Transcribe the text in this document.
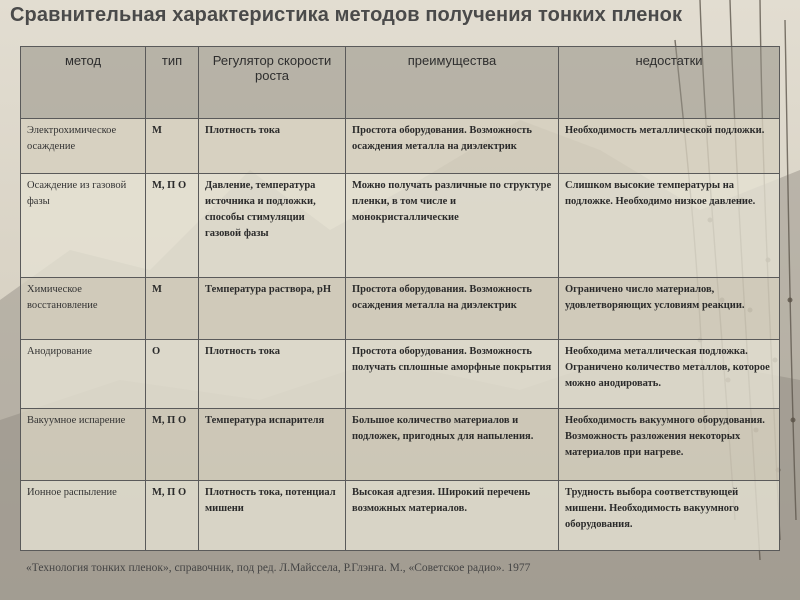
Сравнительная характеристика методов получения тонких пленок
метод	тип	Регулятор скорости роста	преимущества	недостатки
Электрохимическое осаждение	М	Плотность тока	Простота оборудования. Возможность осаждения металла на диэлектрик	Необходимость металлической подложки.
Осаждение из газовой фазы	М, П О	Давление, температура источника и подложки, способы стимуляции газовой фазы	Можно получать различные по структуре пленки, в том числе и монокристаллические	Слишком высокие температуры на подложке. Необходимо низкое давление.
Химическое восстановление	М	Температура раствора, рН	Простота оборудования. Возможность осаждения металла на диэлектрик	Ограничено число материалов, удовлетворяющих условиям реакции.
Анодирование	О	Плотность тока	Простота оборудования. Возможность получать сплошные аморфные покрытия	Необходима металлическая подложка. Ограничено количество металлов, которое можно анодировать.
Вакуумное испарение	М, П О	Температура испарителя	Большое количество материалов и подложек, пригодных для напыления.	Необходимость вакуумного оборудования. Возможность разложения некоторых материалов при нагреве.
Ионное распыление	М, П О	Плотность тока, потенциал мишени	Высокая адгезия. Широкий перечень возможных материалов.	Трудность выбора соответствующей мишени. Необходимость вакуумного оборудования.

«Технология тонких пленок», справочник, под ред. Л.Майссела, Р.Глэнга. М., «Советское радио». 1977
